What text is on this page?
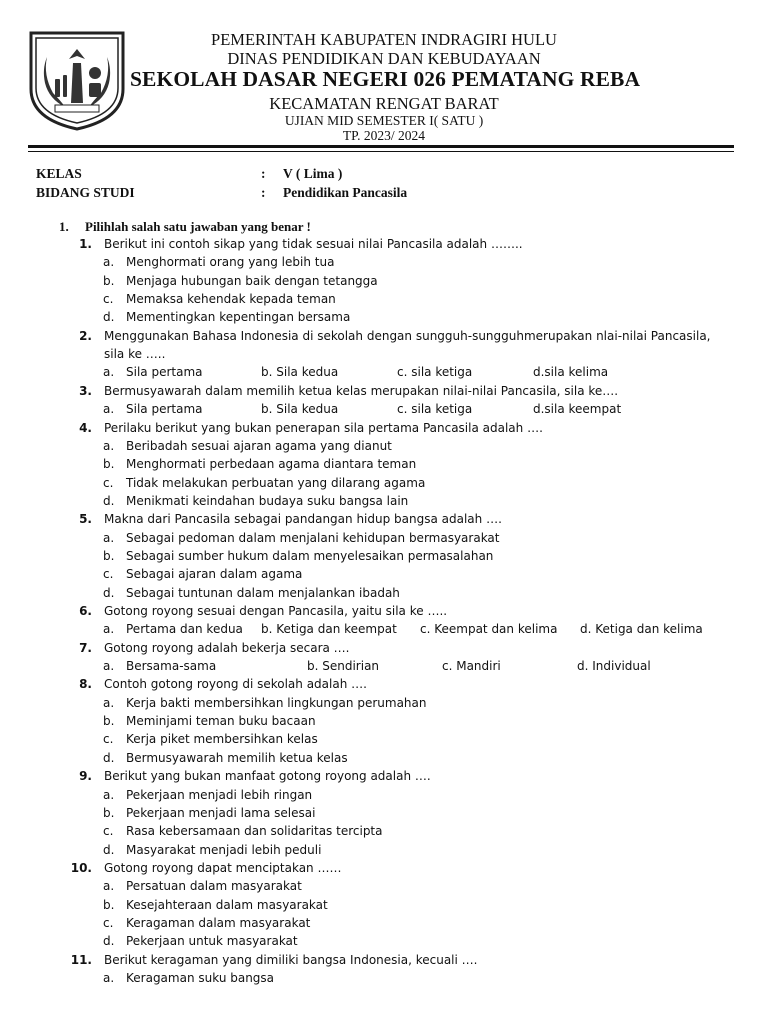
PEMERINTAH KABUPATEN INDRAGIRI HULU
DINAS PENDIDIKAN DAN KEBUDAYAAN
SEKOLAH DASAR NEGERI 026 PEMATANG REBA
KECAMATAN RENGAT BARAT
UJIAN MID SEMESTER I( SATU )
TP. 2023/ 2024
KELAS	: V ( Lima )
BIDANG STUDI	: Pendidikan Pancasila
1. Pilihlah salah satu jawaban yang benar !
1. Berikut ini contoh sikap yang tidak sesuai nilai Pancasila adalah ……..
a. Menghormati orang yang lebih tua
b. Menjaga hubungan baik dengan tetangga
c. Memaksa kehendak kepada teman
d. Mementingkan kepentingan bersama
2. Menggunakan Bahasa Indonesia di sekolah dengan sungguh-sungguhmerupakan nlai-nilai Pancasila,
sila ke …..
a. Sila pertama	b. Sila kedua	c. sila ketiga	d.sila kelima
3. Bermusyawarah dalam memilih ketua kelas merupakan nilai-nilai Pancasila, sila ke….
a. Sila pertama	b. Sila kedua	c. sila ketiga	d.sila keempat
4. Perilaku berikut yang bukan penerapan sila pertama Pancasila adalah ….
a. Beribadah sesuai ajaran agama yang dianut
b. Menghormati perbedaan agama diantara teman
c. Tidak melakukan perbuatan yang dilarang agama
d. Menikmati keindahan budaya suku bangsa lain
5. Makna dari Pancasila sebagai pandangan hidup bangsa adalah ….
a. Sebagai pedoman dalam menjalani kehidupan bermasyarakat
b. Sebagai sumber hukum dalam menyelesaikan permasalahan
c. Sebagai ajaran dalam agama
d. Sebagai tuntunan dalam menjalankan ibadah
6. Gotong royong sesuai dengan Pancasila, yaitu sila ke …..
a. Pertama dan kedua b. Ketiga dan keempat c. Keempat dan kelima d. Ketiga dan kelima
7. Gotong royong adalah bekerja secara ….
a. Bersama-sama	b. Sendirian	c. Mandiri	d. Individual
8. Contoh gotong royong di sekolah adalah ….
a. Kerja bakti membersihkan lingkungan perumahan
b. Meminjami teman buku bacaan
c. Kerja piket membersihkan kelas
d. Bermusyawarah memilih ketua kelas
9. Berikut yang bukan manfaat gotong royong adalah ….
a. Pekerjaan menjadi lebih ringan
b. Pekerjaan menjadi lama selesai
c. Rasa kebersamaan dan solidaritas tercipta
d. Masyarakat menjadi lebih peduli
10. Gotong royong dapat menciptakan ……
a. Persatuan dalam masyarakat
b. Kesejahteraan dalam masyarakat
c. Keragaman dalam masyarakat
d. Pekerjaan untuk masyarakat
11. Berikut keragaman yang dimiliki bangsa Indonesia, kecuali ….
a. Keragaman suku bangsa
